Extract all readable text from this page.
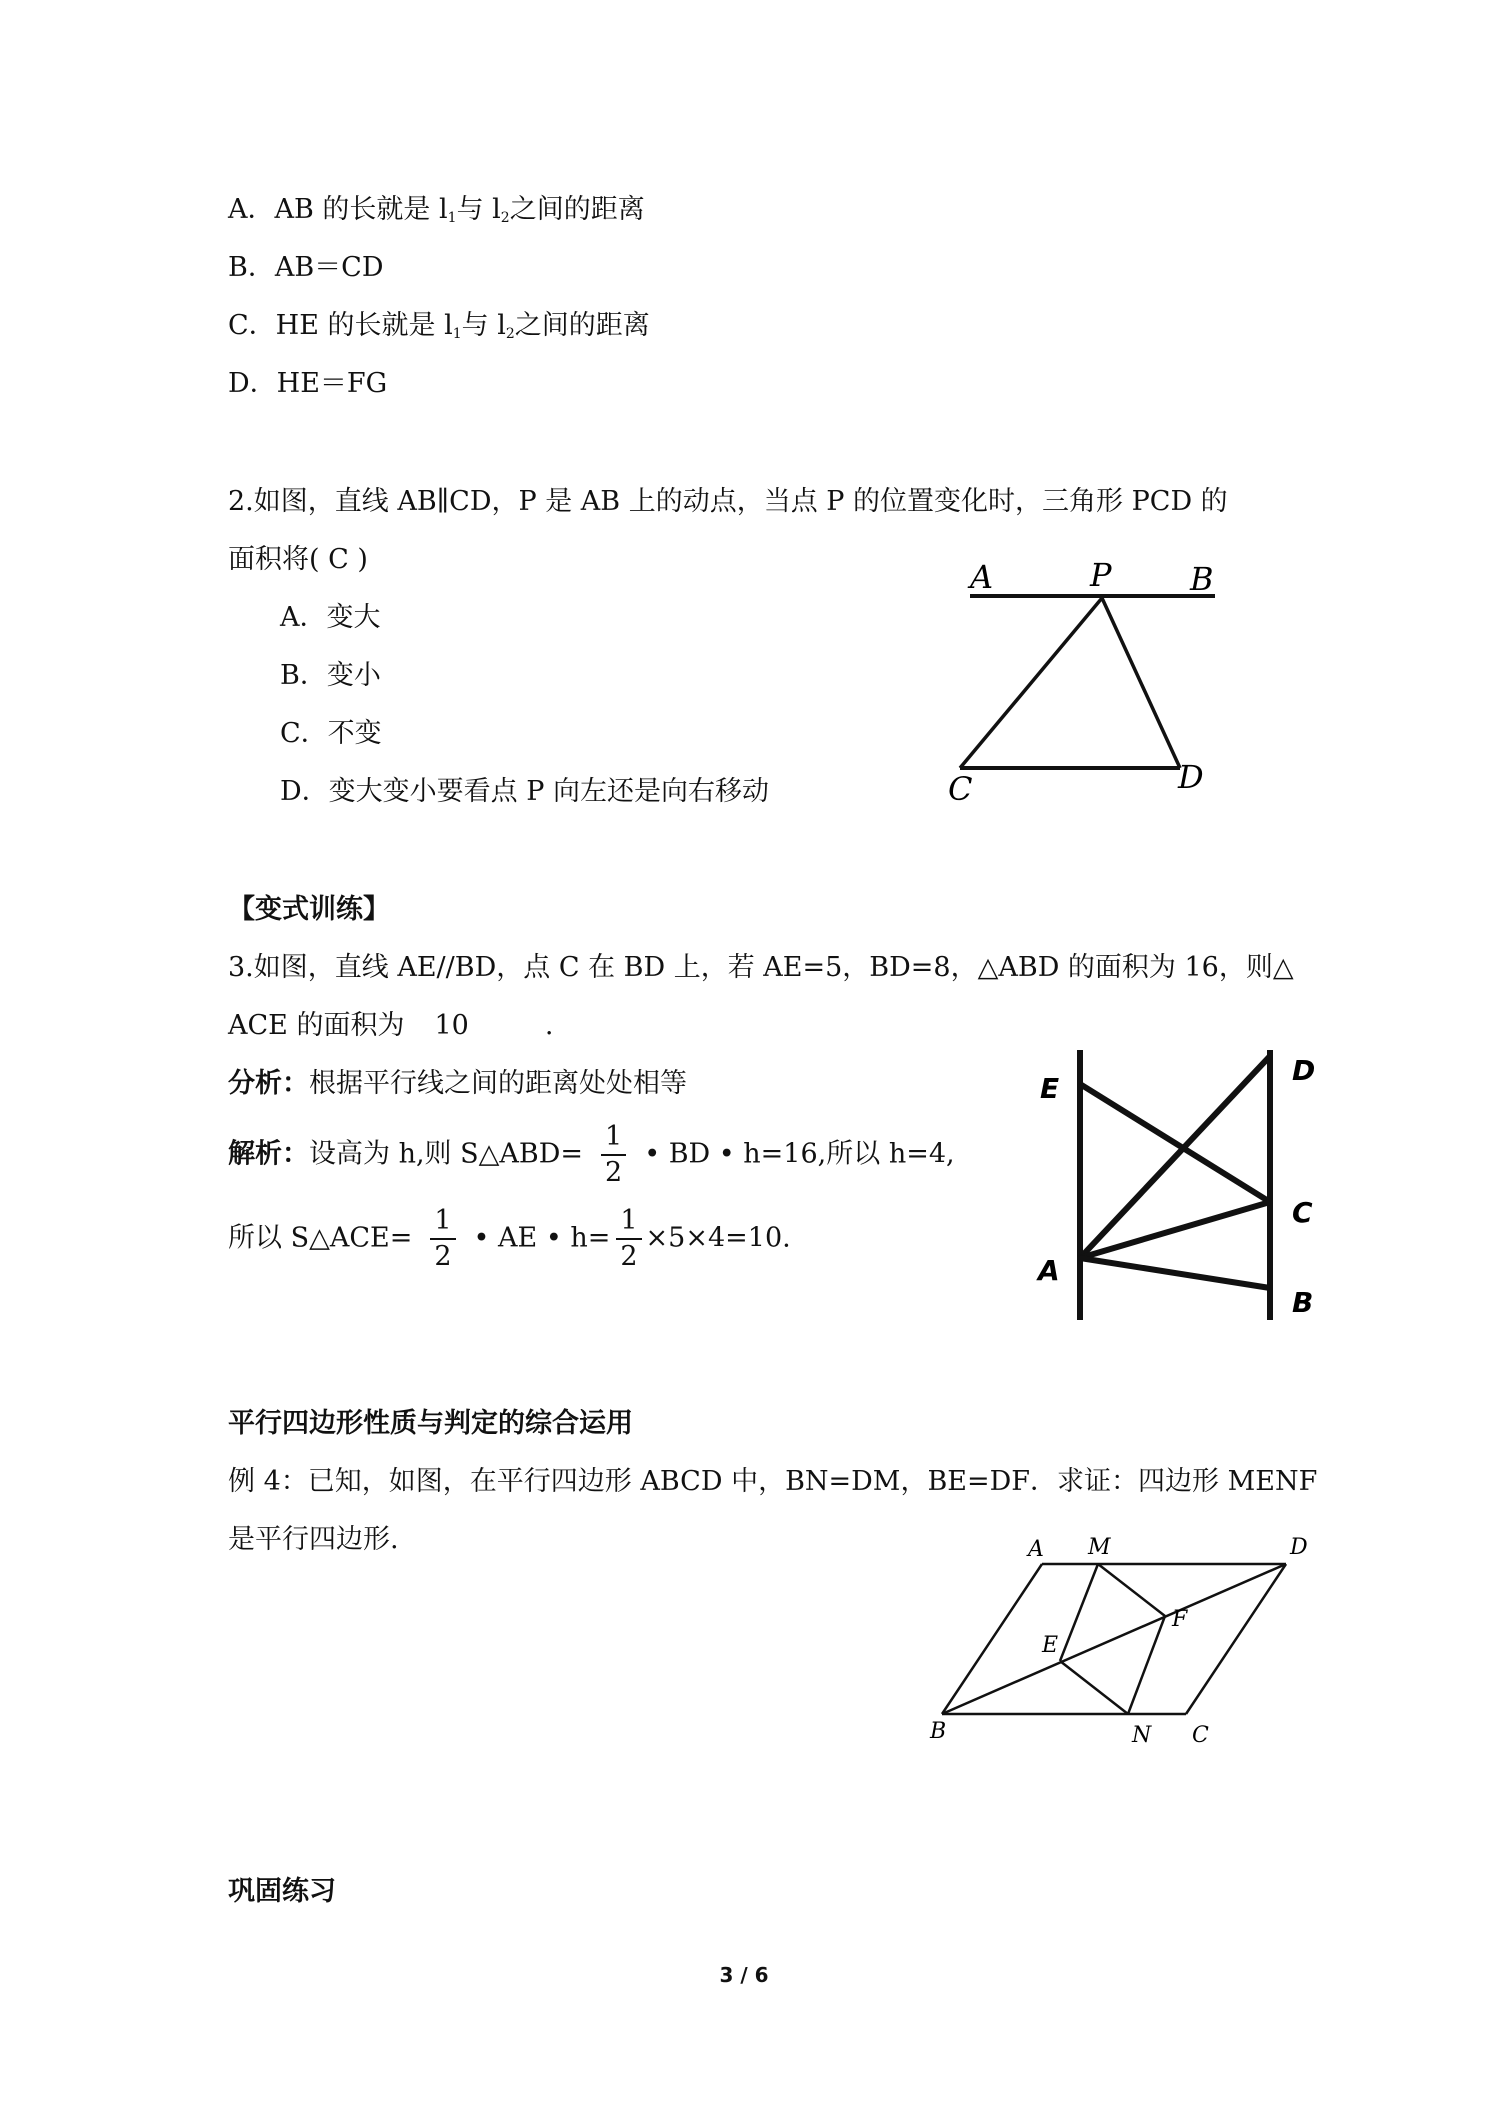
A．AB 的长就是 $l_1$与 $l_2$之间的距离
B．AB＝CD
C．HE 的长就是 $l_1$与 $l_2$之间的距离
D．HE＝FG
2.如图，直线 AB∥CD，P 是 AB 上的动点，当点 P 的位置变化时，三角形 PCD 的
面积将( C )
A．变大
B．变小
C．不变
D．变大变小要看点 P 向左还是向右移动
A	P B
C	D
【变式训练】
3.如图，直线 AE//BD，点 C 在 BD 上，若 AE=5，BD=8，△ABD 的面积为 16，则△
ACE 的面积为 10	.
分析：根据平行线之间的距离处处相等
解析：设高为 h,则 S△ABD= $\frac{1}{2}$ • BD • h=16,所以 h=4,
所以 S△ACE= $\frac{1}{2}$ • AE • $h= \frac{1}{2} \times 5\times 4=10$.
E
D
C
A
B
平行四边形性质与判定的综合运用
例 4：已知，如图，在平行四边形 ABCD 中，BN=DM，BE=DF．求证：四边形 MENF
是平行四边形.	A M	D
E
F
B	N C
巩固练习
3 / 6
